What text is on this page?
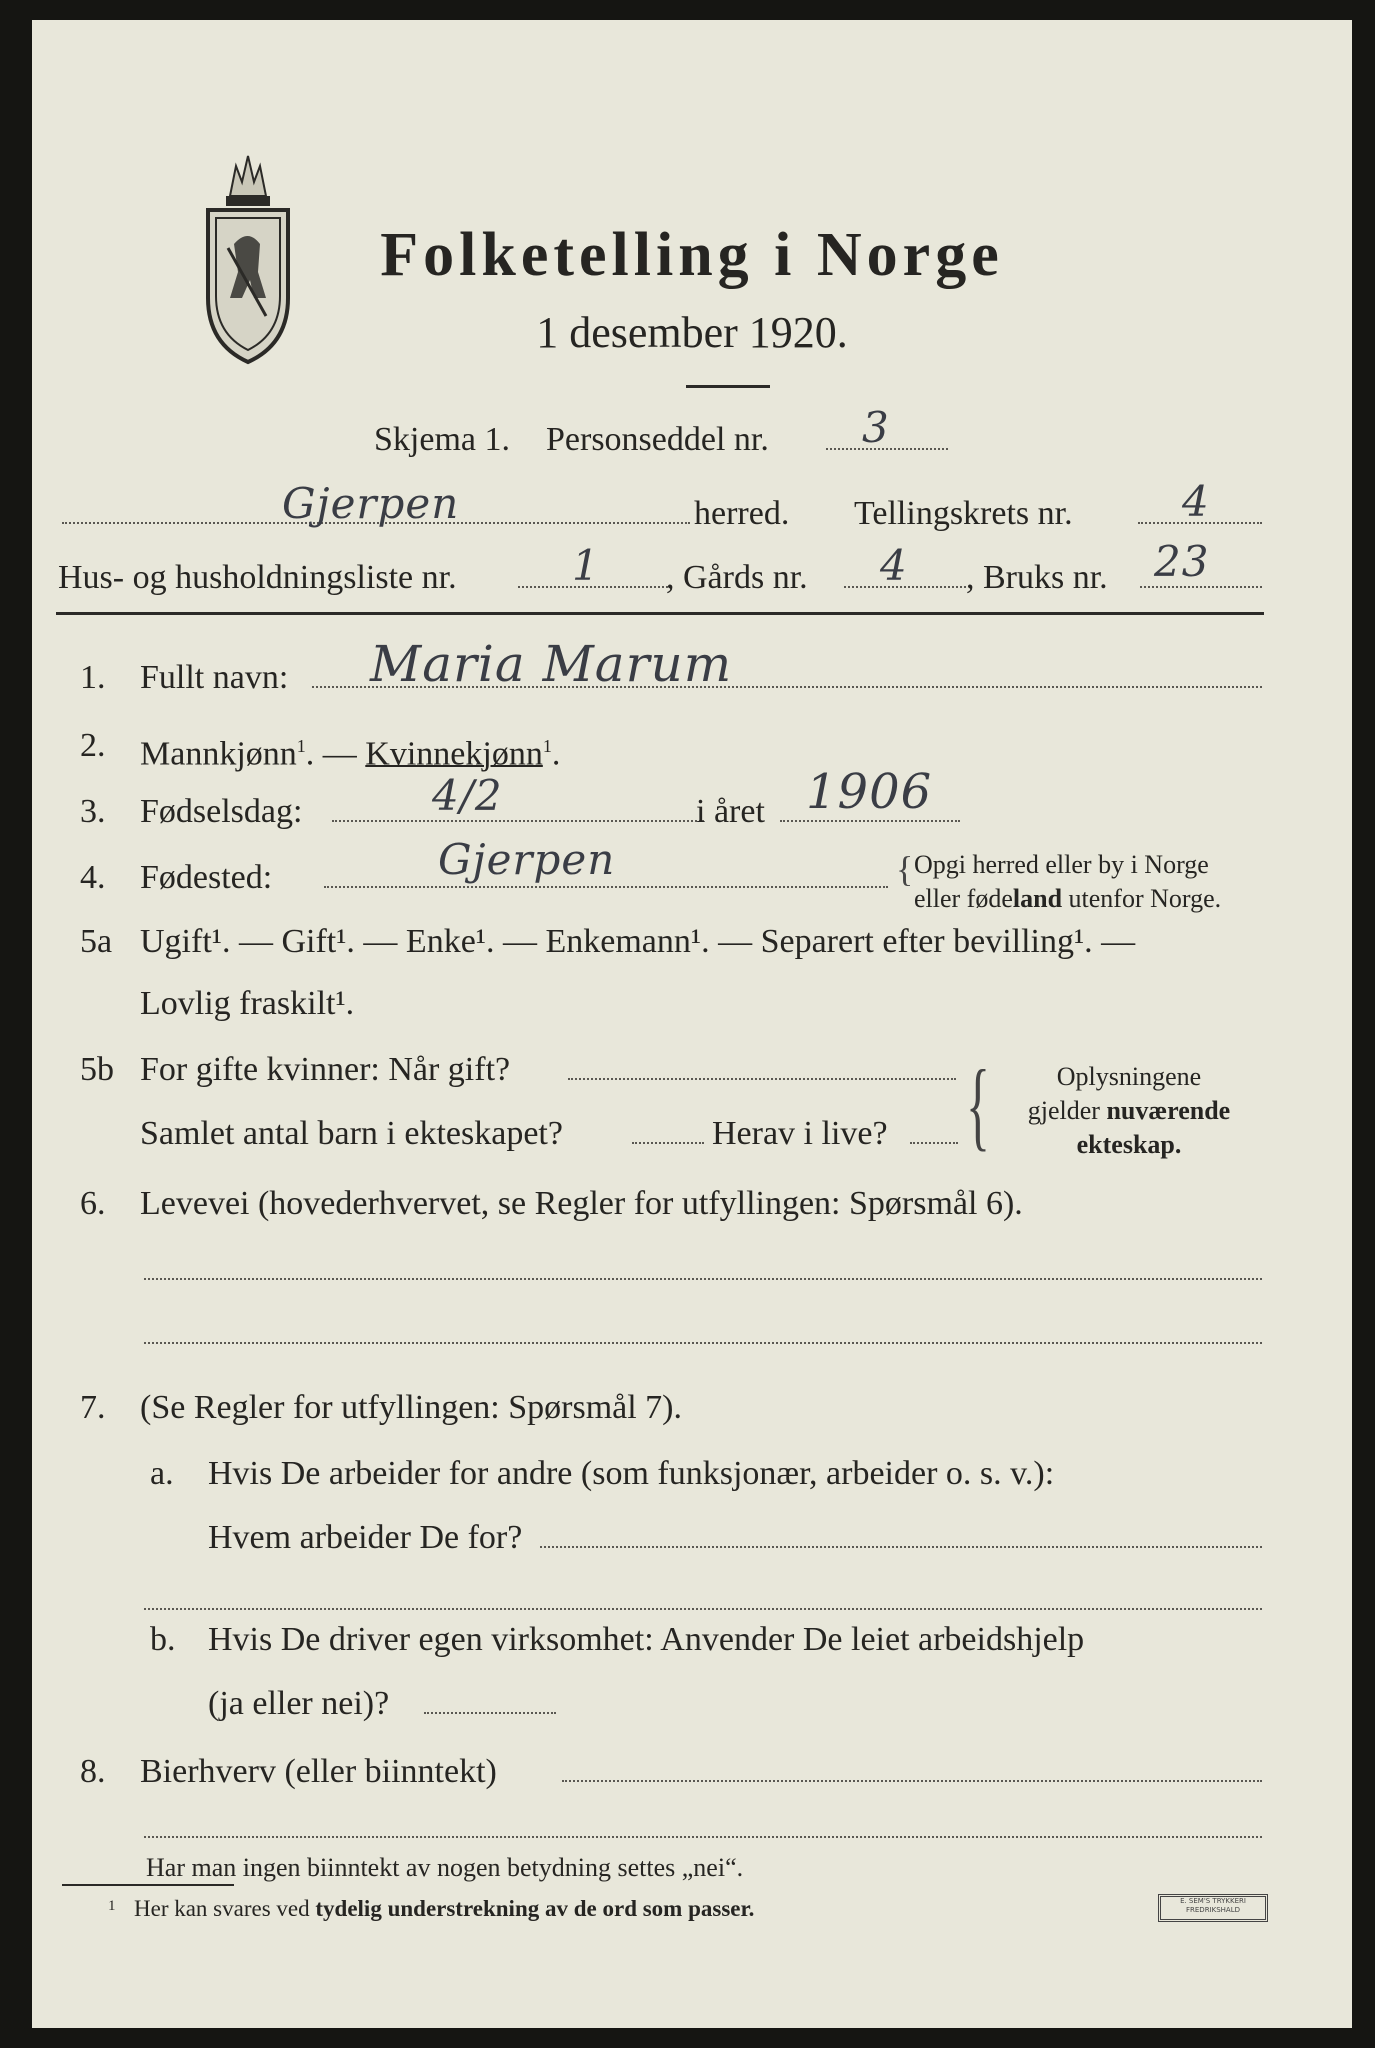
Folketelling i Norge
1 desember 1920.
Skjema 1. Personseddel nr. 3
Gjerpen	herred. Tellingskrets nr.	4
Hus- og husholdningsliste nr.	1 , Gårds nr. 4 , Bruks nr. 23
1. Fullt navn: Maria Marum
2. Mannkjønn$^1$. — Kvinnekjønn$^1$.
3. Fødselsdag:	4/2	i året 1906
4. Fødested:	Gjerpen	{ Opgi herred eller by i Norge
eller fødeland utenfor Norge.
5a Ugift¹. — Gift¹. — Enke¹. — Enkemann¹. — Separert efter bevilling¹. —
Lovlig fraskilt¹.
5b For gifte kvinner: Når gift?
Samlet antal barn i ekteskapet?	Herav i live? {	Oplysningene
gjelder nuværende
ekteskap.
6. Levevei (hovederhvervet, se Regler for utfyllingen: Spørsmål 6).
7. (Se Regler for utfyllingen: Spørsmål 7).
a. Hvis De arbeider for andre (som funksjonær, arbeider o. s. v.):
Hvem arbeider De for?
b. Hvis De driver egen virksomhet: Anvender De leiet arbeidshjelp
(ja eller nei)?
8. Bierhverv (eller biinntekt)
Har man ingen biinntekt av nogen betydning settes „nei“.
1 Her kan svares ved tydelig understrekning av de ord som passer.	E. SEM'S TRYKKERI FREDRIKSHALD
